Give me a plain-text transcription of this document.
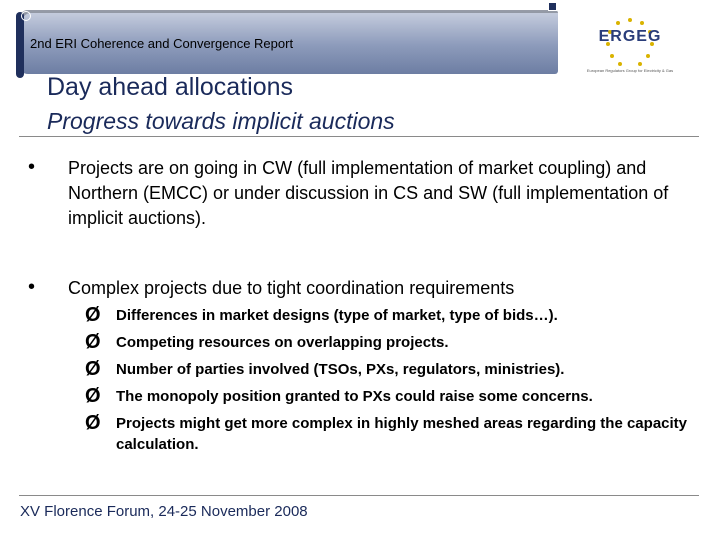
2nd ERI Coherence and Convergence Report	ERGEG
European Regulators Group for Electricity & Gas
Day ahead allocations
Progress towards implicit auctions
• Projects are on going in CW (full implementation of market coupling) and Northern (EMCC) or under discussion in CS and SW (full implementation of implicit auctions).
• Complex projects due to tight coordination requirements
Ø Differences in market designs (type of market, type of bids…).
Ø Competing resources on overlapping projects.
Ø Number of parties involved (TSOs, PXs, regulators, ministries).
Ø The monopoly position granted to PXs could raise some concerns.
Ø Projects might get more complex in highly meshed areas regarding the capacity calculation.
XV Florence Forum, 24-25 November 2008
